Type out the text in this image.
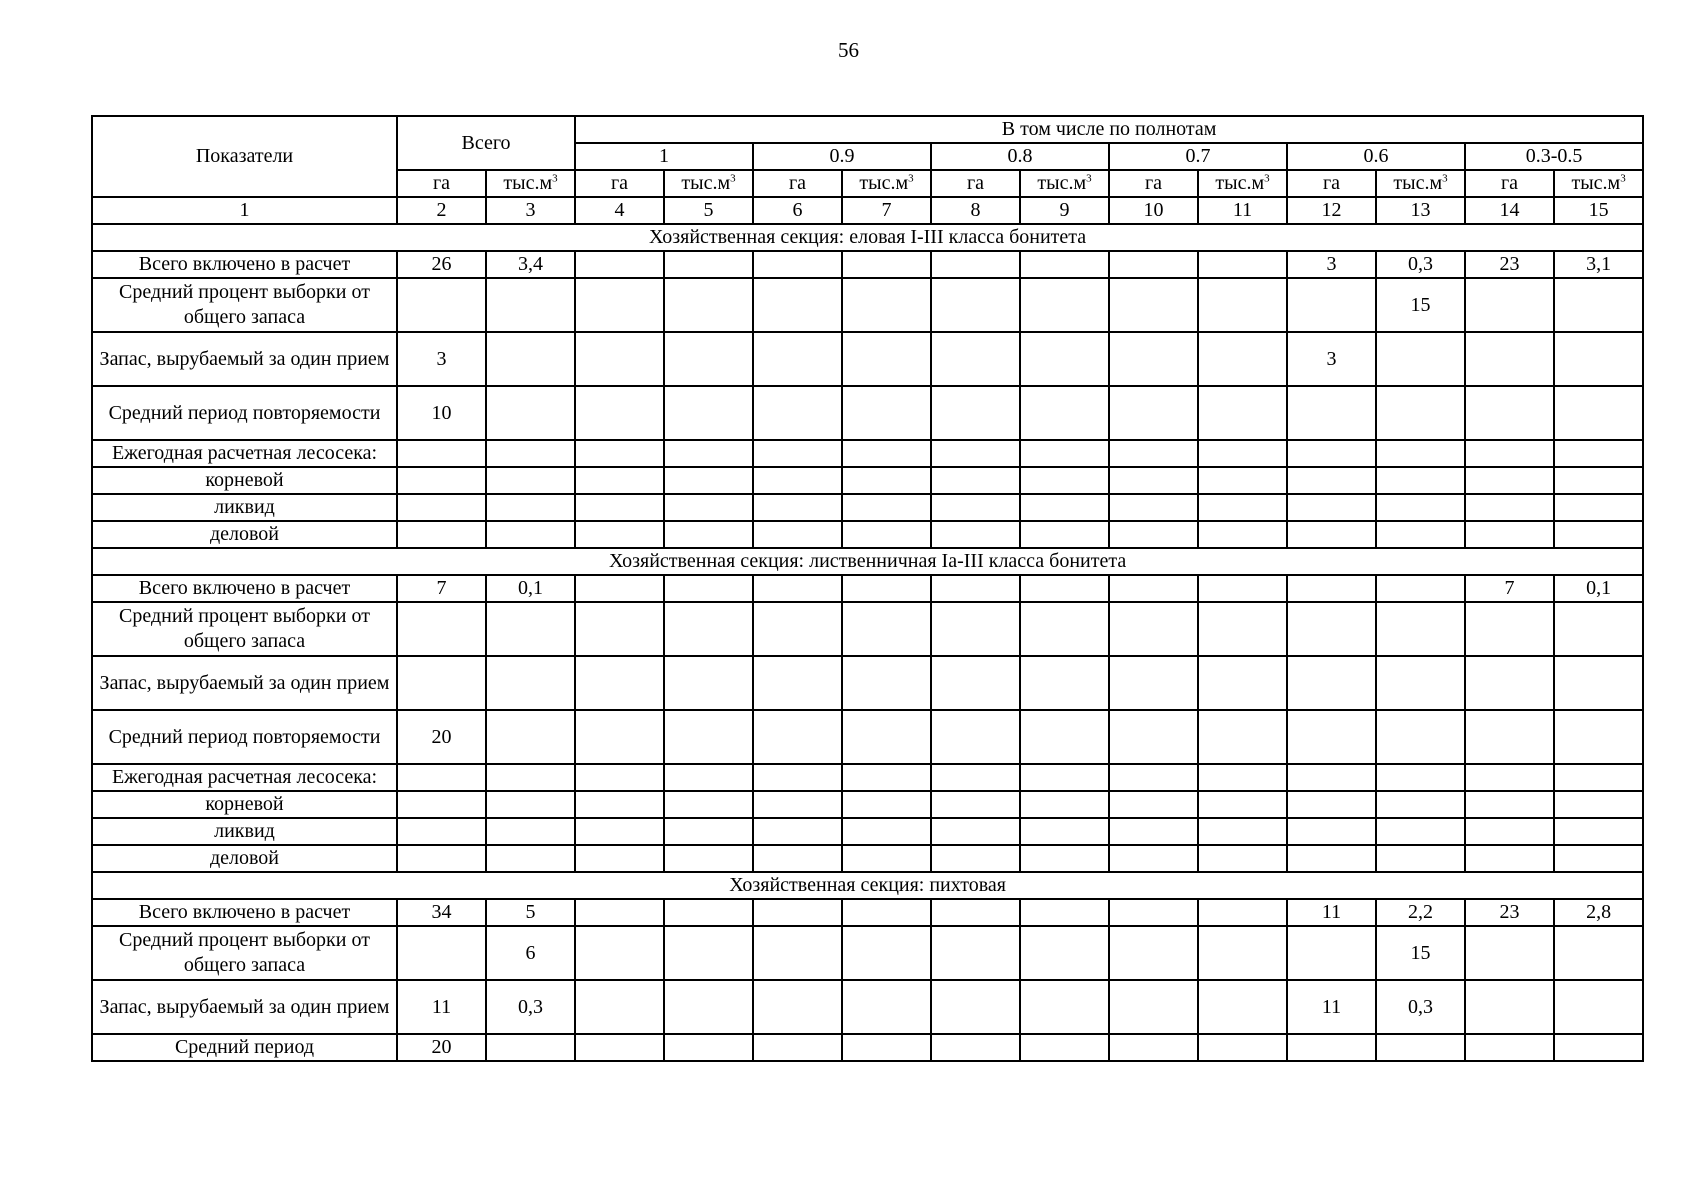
56
Показатели	Всего		В том числе по полнотам											
			1		0.9		0.8		0.7		0.6		0.3-0.5	
	га	$тыс.м^3$	га	$тыс.м^3$	га	$тыс.м^3$	га	$тыс.м^3$	га	$тыс.м^3$	га	$тыс.м^3$	га	$тыс.м^3$
1	2	3	4	5	6	7	8	9	10	11	12	13	14	15
Хозяйственная секция: еловая I-III класса бонитета														
Всего включено в расчет	26	3,4									3	0,3	23	3,1
Средний процент выборки от общего запаса												15		
Запас, вырубаемый за один прием	3										3			
Средний период повторяемости	10													
Ежегодная расчетная лесосека:														
корневой														
ликвид														
деловой														
Хозяйственная секция: лиственничная Ia-III класса бонитета														
Всего включено в расчет	7	0,1											7	0,1
Средний процент выборки от общего запаса														
Запас, вырубаемый за один прием														
Средний период повторяемости	20													
Ежегодная расчетная лесосека:														
корневой														
ликвид														
деловой														
Хозяйственная секция: пихтовая														
Всего включено в расчет	34	5									11	2,2	23	2,8
Средний процент выборки от общего запаса		6										15		
Запас, вырубаемый за один прием	11	0,3									11	0,3		
Средний период	20													
